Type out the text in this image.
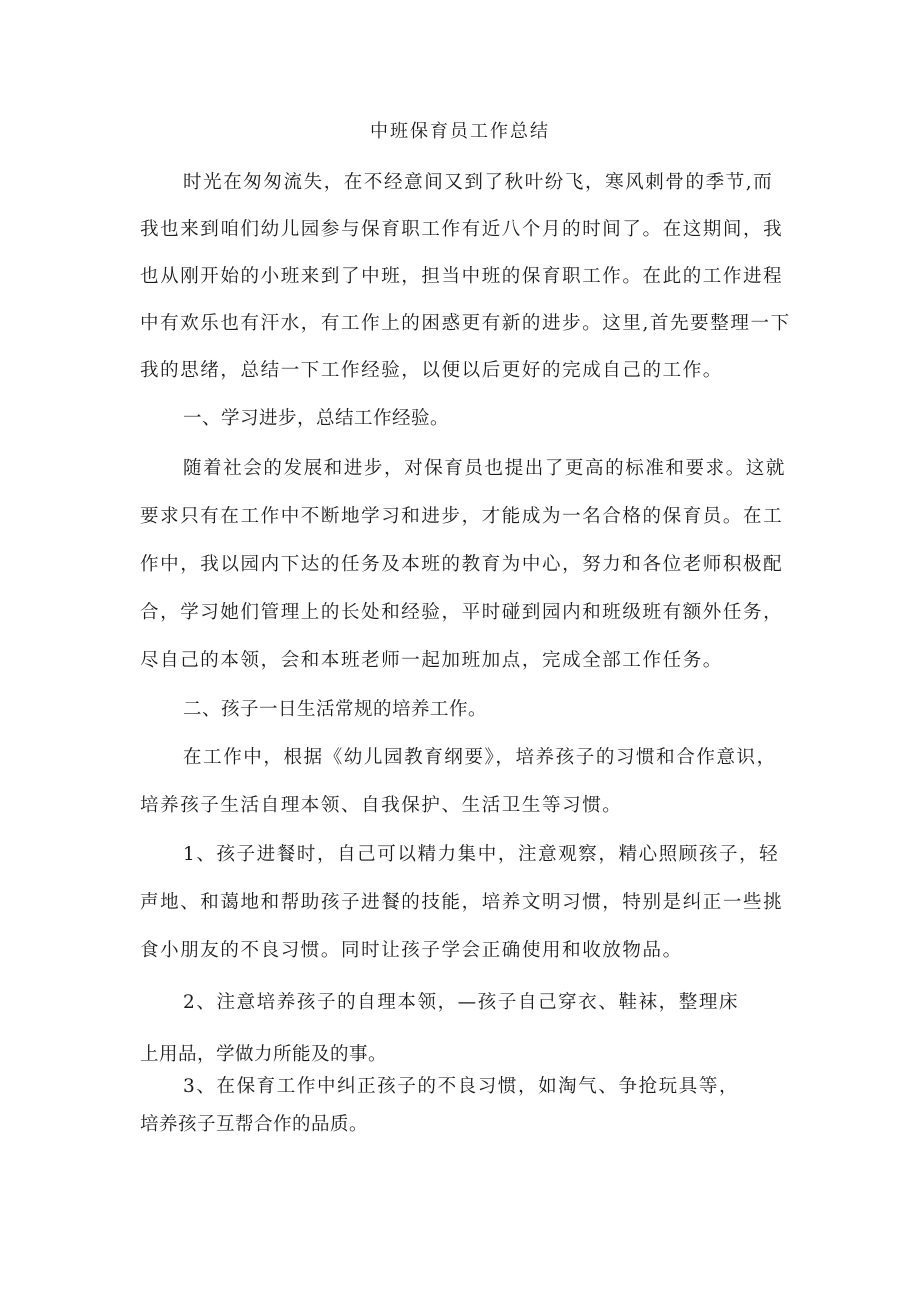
中班保育员工作总结
时光在匆匆流失，在不经意间又到了秋叶纷飞，寒风刺骨的季节,而
我也来到咱们幼儿园参与保育职工作有近八个月的时间了。在这期间，我
也从刚开始的小班来到了中班，担当中班的保育职工作。在此的工作进程
中有欢乐也有汗水，有工作上的困惑更有新的进步。这里,首先要整理一下
我的思绪，总结一下工作经验，以便以后更好的完成自己的工作。
一、学习进步，总结工作经验。
随着社会的发展和进步，对保育员也提出了更高的标准和要求。这就
要求只有在工作中不断地学习和进步，才能成为一名合格的保育员。在工
作中，我以园内下达的任务及本班的教育为中心，努力和各位老师积极配
合，学习她们管理上的长处和经验，平时碰到园内和班级班有额外任务，
尽自己的本领，会和本班老师一起加班加点，完成全部工作任务。
二、孩子一日生活常规的培养工作。
在工作中，根据《幼儿园教育纲要》，培养孩子的习惯和合作意识，
培养孩子生活自理本领、自我保护、生活卫生等习惯。
1、孩子进餐时，自己可以精力集中，注意观察，精心照顾孩子，轻
声地、和蔼地和帮助孩子进餐的技能，培养文明习惯，特别是纠正一些挑
食小朋友的不良习惯。同时让孩子学会正确使用和收放物品。
2、注意培养孩子的自理本领，—孩子自己穿衣、鞋袜，整理床
上用品，学做力所能及的事。
3、在保育工作中纠正孩子的不良习惯，如淘气、争抢玩具等，
培养孩子互帮合作的品质。
